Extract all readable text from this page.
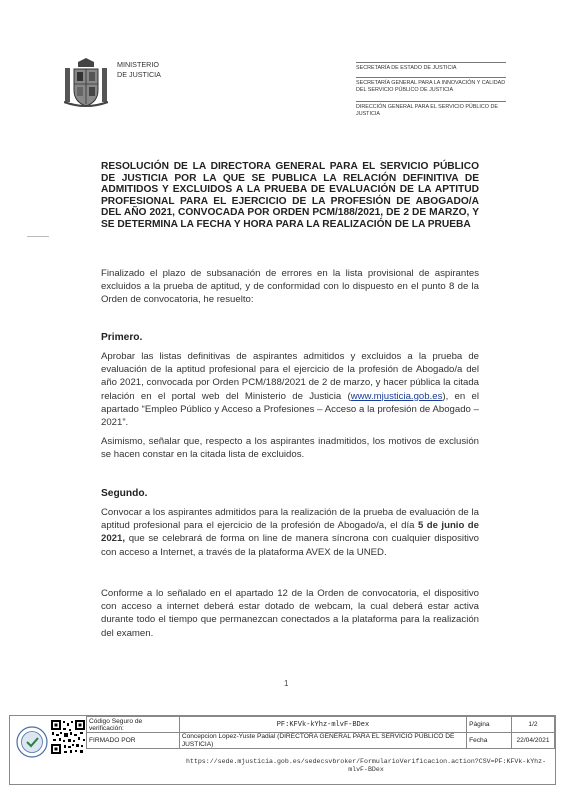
MINISTERIO
DE JUSTICIA
SECRETARÍA DE ESTADO DE JUSTICIA
SECRETARÍA GENERAL PARA LA INNOVACIÓN Y CALIDAD DEL SERVICIO PÚBLICO DE JUSTICIA
DIRECCIÓN GENERAL PARA EL SERVICIO PÚBLICO DE JUSTICIA
RESOLUCIÓN DE LA DIRECTORA GENERAL PARA EL SERVICIO PÚBLICO DE JUSTICIA POR LA QUE SE PUBLICA LA RELACIÓN DEFINITIVA DE ADMITIDOS Y EXCLUIDOS A LA PRUEBA DE EVALUACIÓN DE LA APTITUD PROFESIONAL PARA EL EJERCICIO DE LA PROFESIÓN DE ABOGADO/A DEL AÑO 2021, CONVOCADA POR ORDEN PCM/188/2021, DE 2 DE MARZO, Y SE DETERMINA LA FECHA Y HORA PARA LA REALIZACIÓN DE LA PRUEBA
Finalizado el plazo de subsanación de errores en la lista provisional de aspirantes excluidos a la prueba de aptitud, y de conformidad con lo dispuesto en el punto 8 de la Orden de convocatoria, he resuelto:
Primero.
Aprobar las listas definitivas de aspirantes admitidos y excluidos a la prueba de evaluación de la aptitud profesional para el ejercicio de la profesión de Abogado/a del año 2021, convocada por Orden PCM/188/2021 de 2 de marzo, y hacer pública la citada relación en el portal web del Ministerio de Justicia (www.mjusticia.gob.es), en el apartado “Empleo Público y Acceso a Profesiones – Acceso a la profesión de Abogado – 2021”.
Asimismo, señalar que, respecto a los aspirantes inadmitidos, los motivos de exclusión se hacen constar en la citada lista de excluidos.
Segundo.
Convocar a los aspirantes admitidos para la realización de la prueba de evaluación de la aptitud profesional para el ejercicio de la profesión de Abogado/a, el día 5 de junio de 2021, que se celebrará de forma on line de manera síncrona con cualquier dispositivo con acceso a Internet, a través de la plataforma AVEX de la UNED.
Conforme a lo señalado en el apartado 12 de la Orden de convocatoria, el dispositivo con acceso a internet deberá estar dotado de webcam, la cual deberá estar activa durante todo el tiempo que permanezcan conectados a la plataforma para la realización del examen.
1
Código Seguro de verificación:	PF:KFVk-kYhz-mlvF-BDex	Página	1/2
FIRMADO POR	Concepcion Lopez-Yuste Padial (DIRECTORA GENERAL PARA EL SERVICIO PÚBLICO DE JUSTICIA)	Fecha	22/04/2021
https://sede.mjusticia.gob.es/sedecsvbroker/FormularioVerificacion.action?CSV=PF:KFVk-kYhz-mlvF-BDex
